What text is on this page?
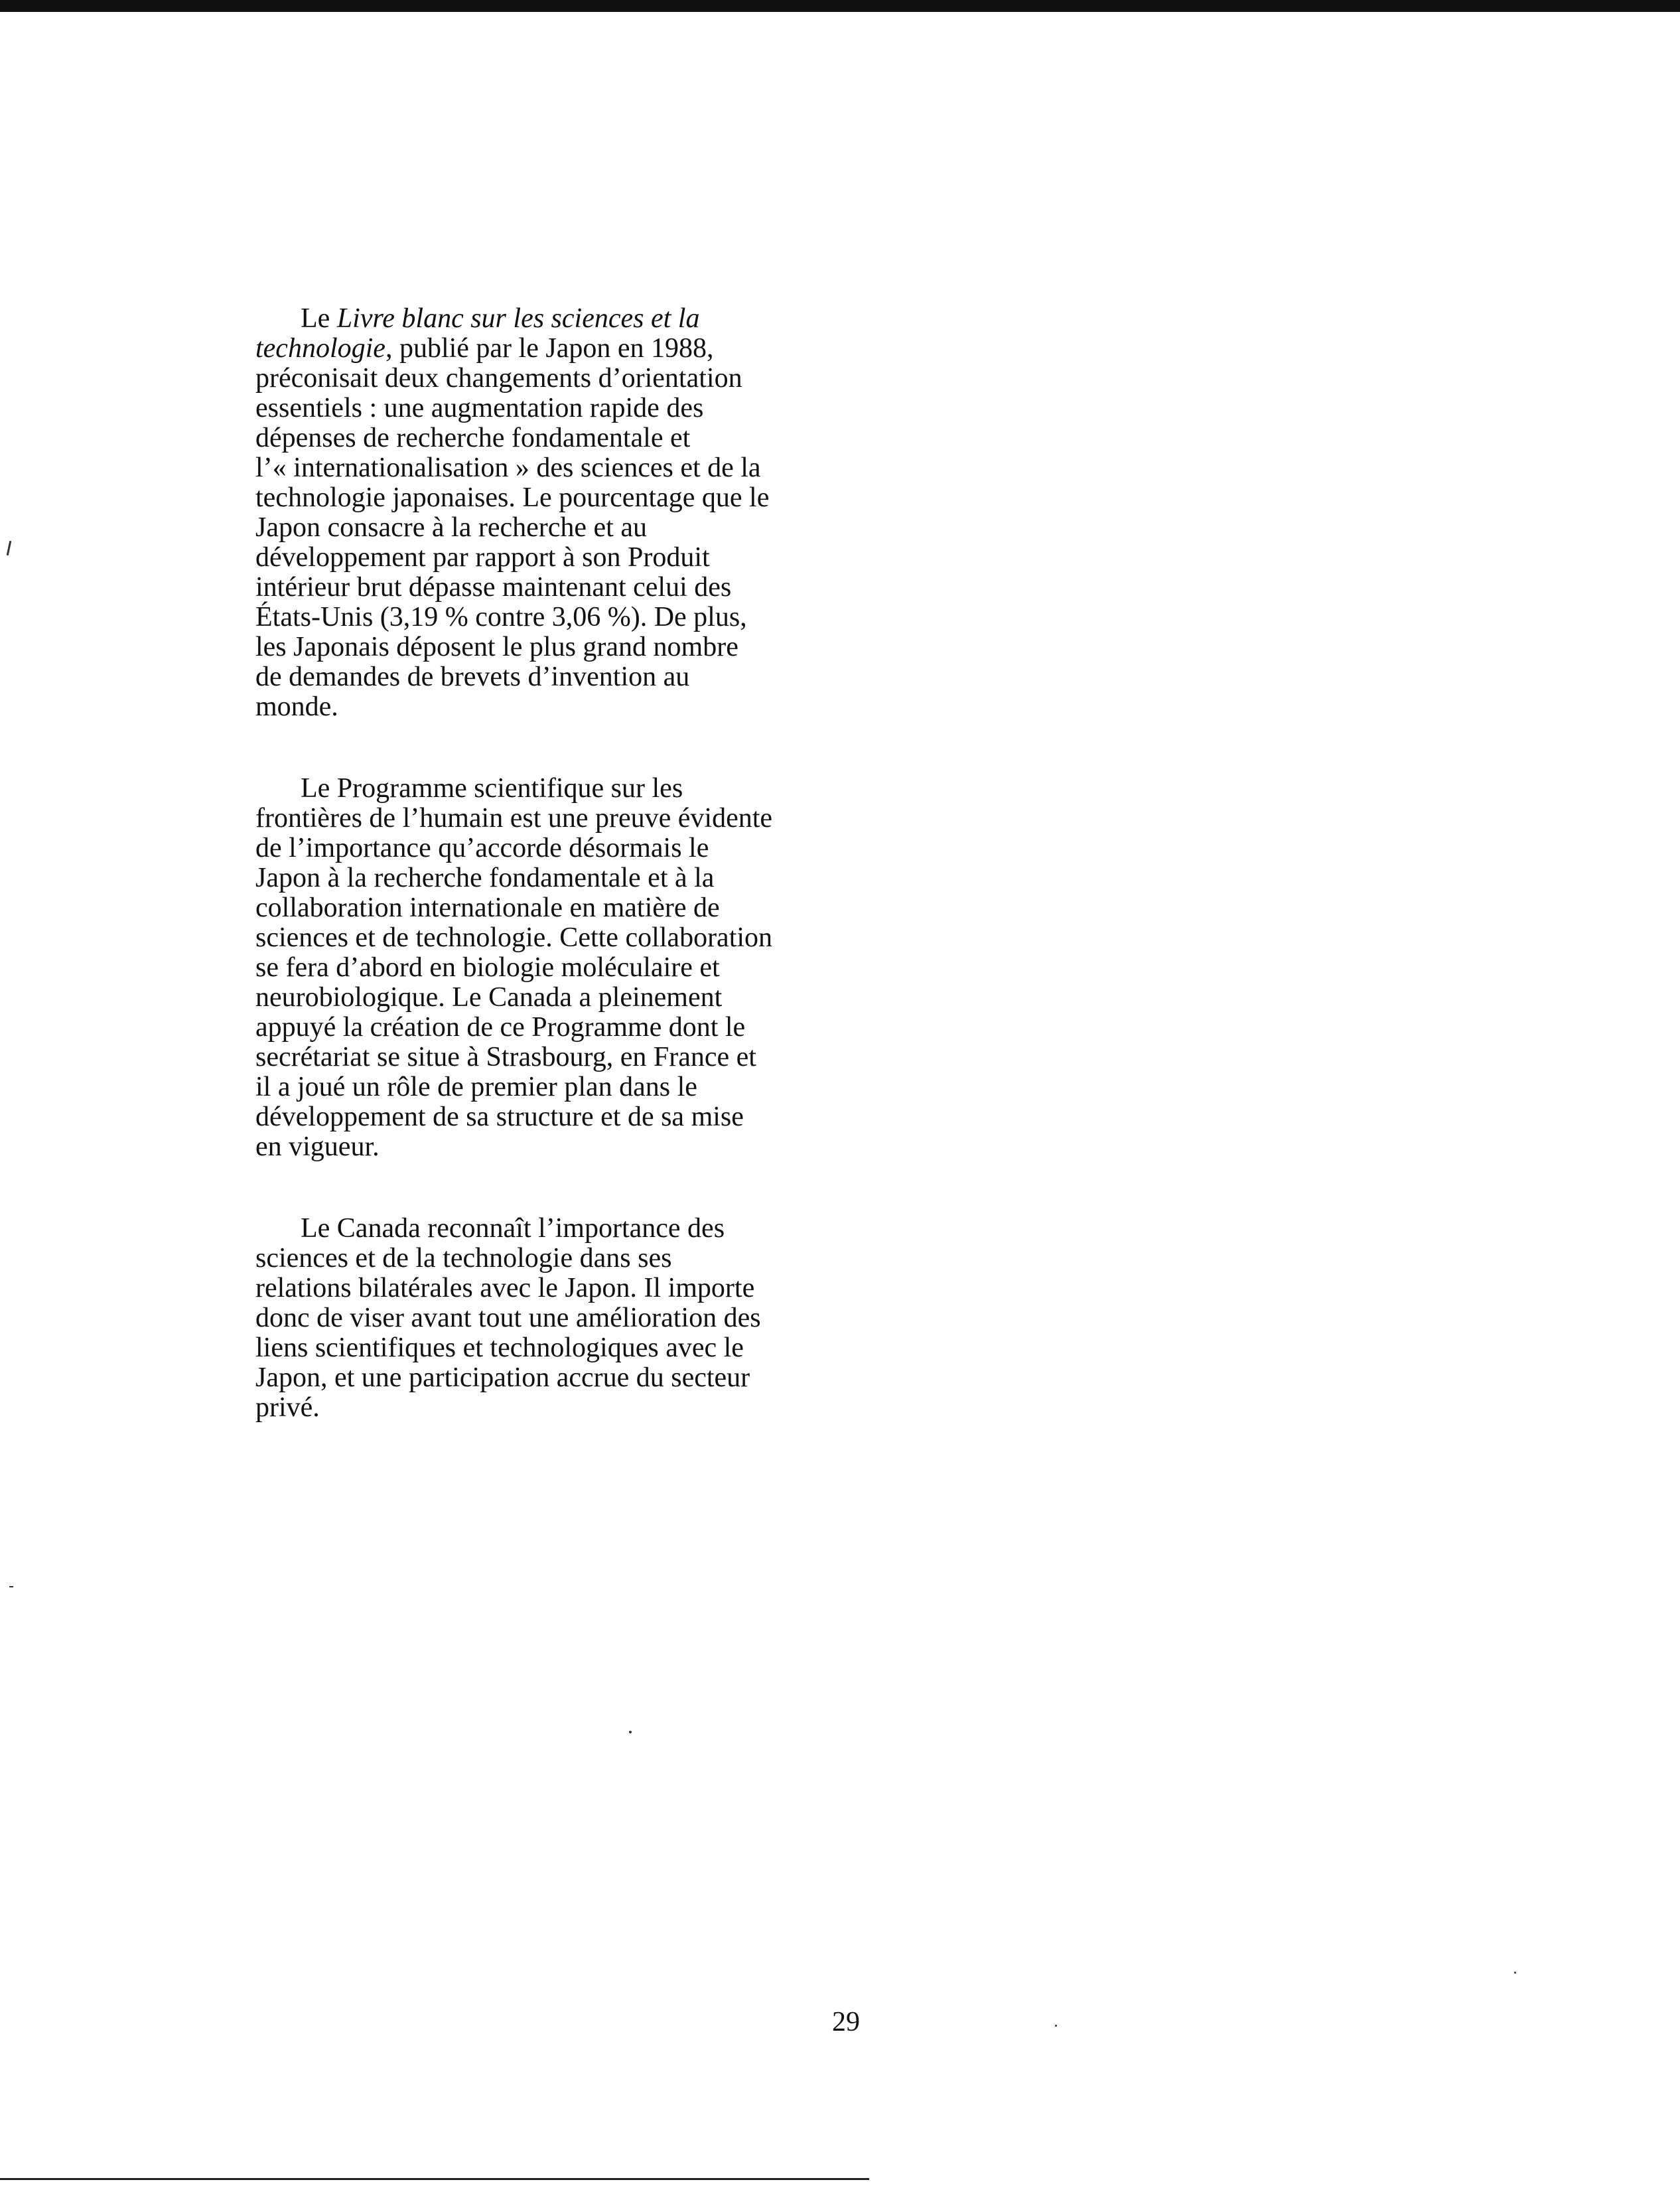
Le Livre blanc sur les sciences et la
technologie, publié par le Japon en 1988,
préconisait deux changements d’orientation
essentiels : une augmentation rapide des
dépenses de recherche fondamentale et
l’« internationalisation » des sciences et de la
technologie japonaises. Le pourcentage que le
Japon consacre à la recherche et au
développement par rapport à son Produit
intérieur brut dépasse maintenant celui des
États-Unis (3,19 % contre 3,06 %). De plus,
les Japonais déposent le plus grand nombre
de demandes de brevets d’invention au
monde.
Le Programme scientifique sur les
frontières de l’humain est une preuve évidente
de l’importance qu’accorde désormais le
Japon à la recherche fondamentale et à la
collaboration internationale en matière de
sciences et de technologie. Cette collaboration
se fera d’abord en biologie moléculaire et
neurobiologique. Le Canada a pleinement
appuyé la création de ce Programme dont le
secrétariat se situe à Strasbourg, en France et
il a joué un rôle de premier plan dans le
développement de sa structure et de sa mise
en vigueur.
Le Canada reconnaît l’importance des
sciences et de la technologie dans ses
relations bilatérales avec le Japon. Il importe
donc de viser avant tout une amélioration des
liens scientifiques et technologiques avec le
Japon, et une participation accrue du secteur
privé.
29
